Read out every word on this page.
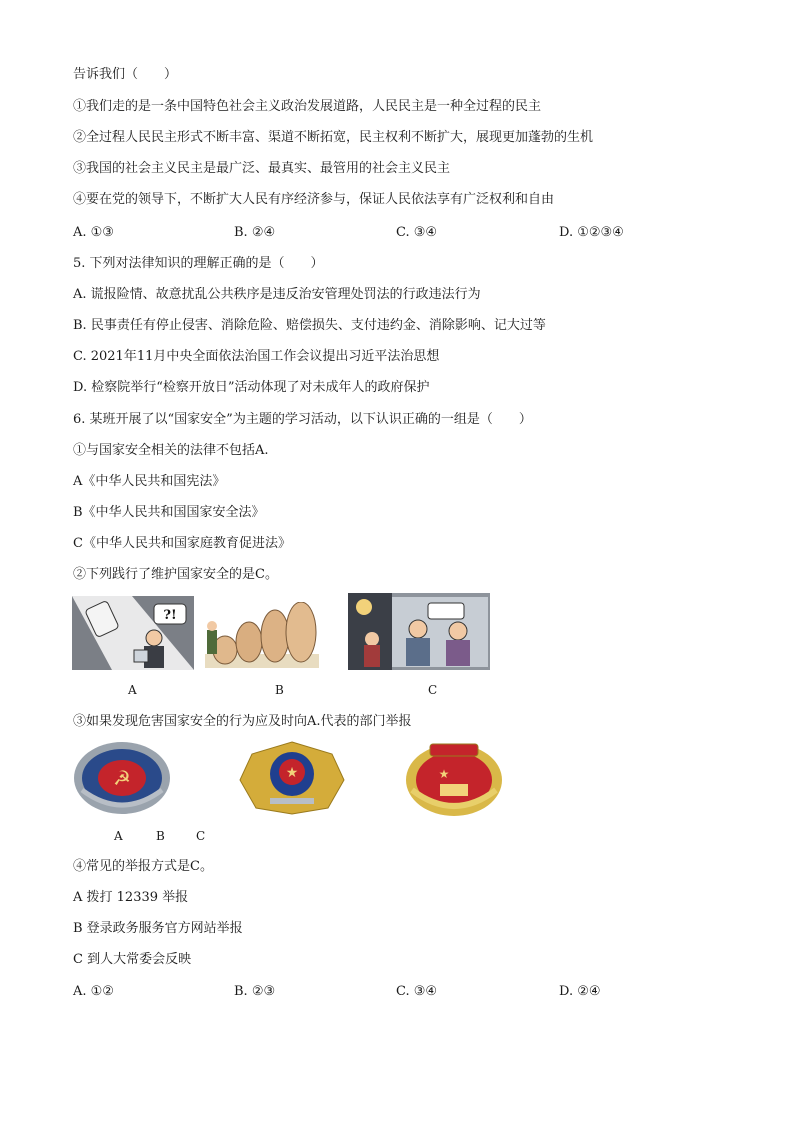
告诉我们（　　）
①我们走的是一条中国特色社会主义政治发展道路，人民民主是一种全过程的民主
②全过程人民民主形式不断丰富、渠道不断拓宽，民主权利不断扩大，展现更加蓬勃的生机
③我国的社会主义民主是最广泛、最真实、最管用的社会主义民主
④要在党的领导下，不断扩大人民有序经济参与，保证人民依法享有广泛权利和自由
A. ①③	B. ②④	C. ③④	D. ①②③④
5. 下列对法律知识的理解正确的是（　　）
A. 谎报险情、故意扰乱公共秩序是违反治安管理处罚法的行政违法行为
B. 民事责任有停止侵害、消除危险、赔偿损失、支付违约金、消除影响、记大过等
C. 2021年11月中央全面依法治国工作会议提出习近平法治思想
D. 检察院举行“检察开放日”活动体现了对未成年人的政府保护
6. 某班开展了以“国家安全”为主题的学习活动，以下认识正确的一组是（　　）
①与国家安全相关的法律不包括A.
A《中华人民共和国宪法》
B《中华人民共和国国家安全法》
C《中华人民共和国家庭教育促进法》
②下列践行了维护国家安全的是C。
?!
A	B	C
③如果发现危害国家安全的行为应及时向A.代表的部门举报
☭	★	★
A	B	C
④常见的举报方式是C。
A 拨打 12339 举报
B 登录政务服务官方网站举报
C 到人大常委会反映
A. ①②	B. ②③	C. ③④	D. ②④
